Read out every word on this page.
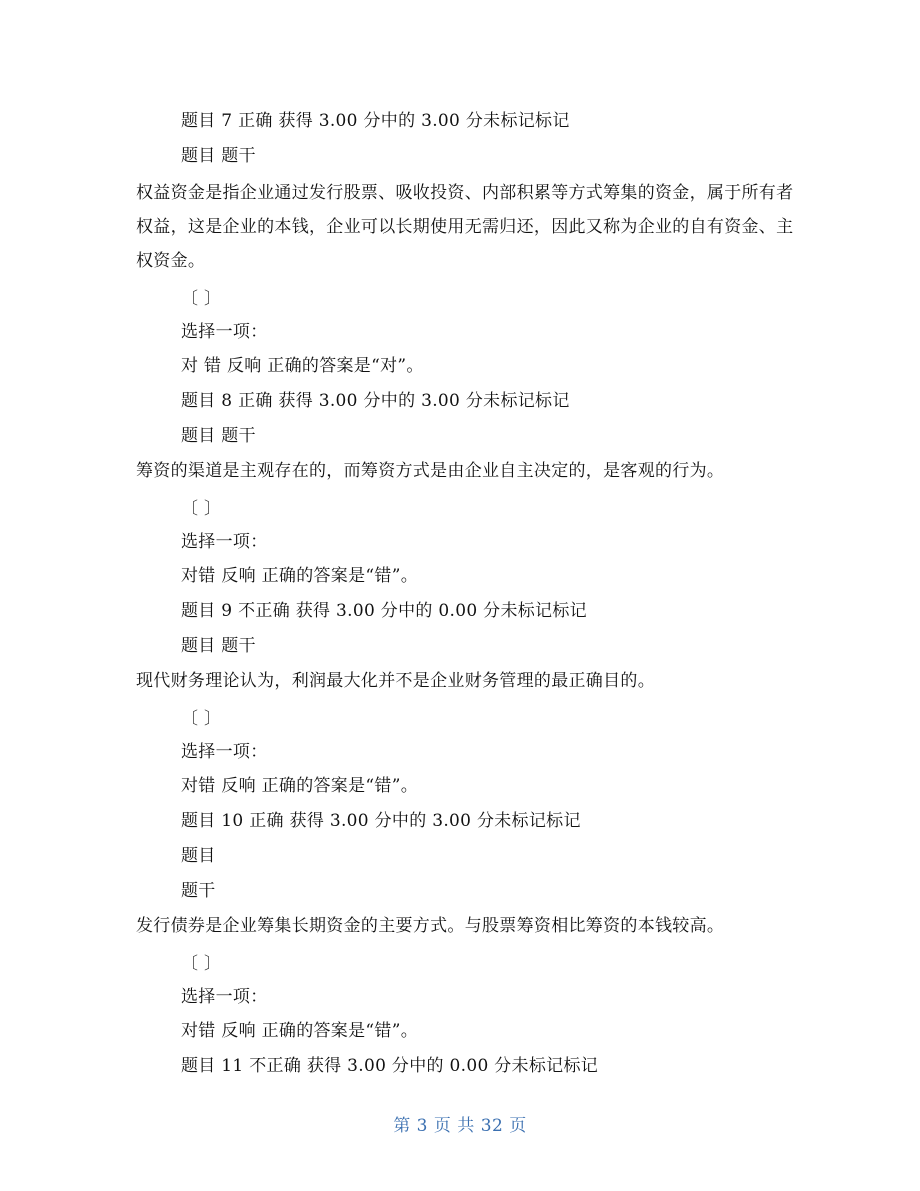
题目 7 正确 获得 3.00 分中的 3.00 分未标记标记
题目 题干
权益资金是指企业通过发行股票、吸收投资、内部积累等方式筹集的资金，属于所有者权益，这是企业的本钱，企业可以长期使用无需归还，因此又称为企业的自有资金、主权资金。
〔 〕
选择一项：
对 错 反响 正确的答案是“对”。
题目 8 正确 获得 3.00 分中的 3.00 分未标记标记
题目 题干
筹资的渠道是主观存在的，而筹资方式是由企业自主决定的，是客观的行为。
〔 〕
选择一项：
对错 反响 正确的答案是“错”。
题目 9 不正确 获得 3.00 分中的 0.00 分未标记标记
题目 题干
现代财务理论认为，利润最大化并不是企业财务管理的最正确目的。
〔 〕
选择一项：
对错 反响 正确的答案是“错”。
题目 10 正确 获得 3.00 分中的 3.00 分未标记标记
题目
题干
发行债券是企业筹集长期资金的主要方式。与股票筹资相比筹资的本钱较高。
〔 〕
选择一项：
对错 反响 正确的答案是“错”。
题目 11 不正确 获得 3.00 分中的 0.00 分未标记标记
第 3 页 共 32 页
